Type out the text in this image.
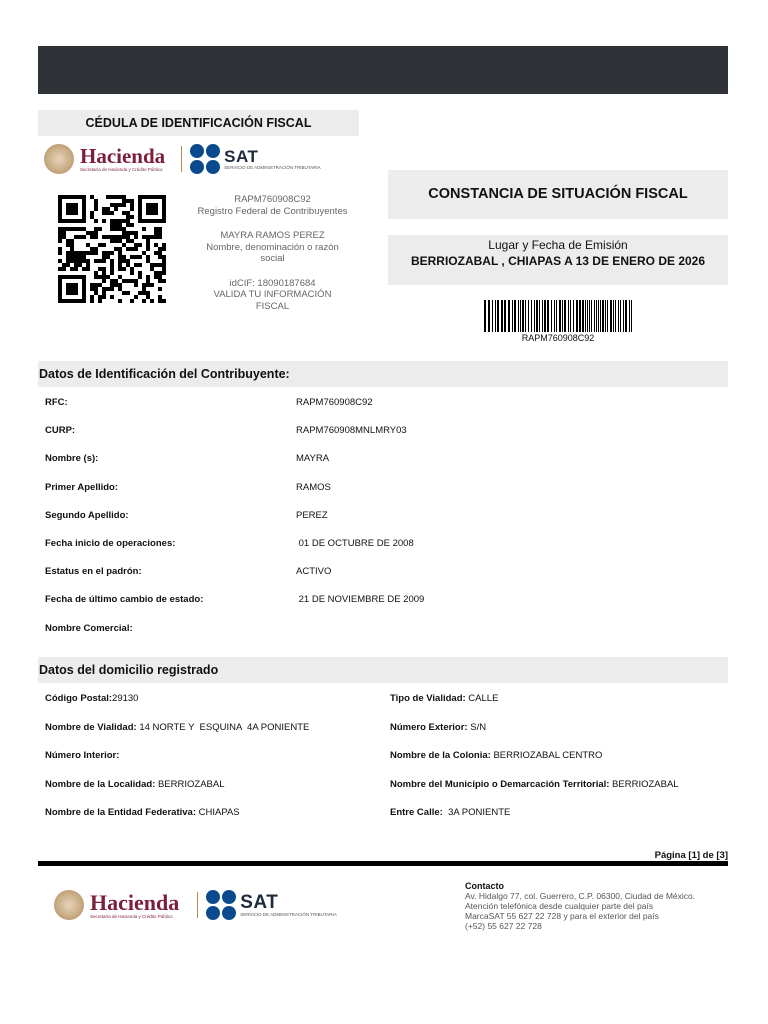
CÉDULA DE IDENTIFICACIÓN FISCAL
Hacienda
Secretaría de Hacienda y Crédito Público
SAT
SERVICIO DE ADMINISTRACIÓN TRIBUTARIA
RAPM760908C92
Registro Federal de Contribuyentes
MAYRA RAMOS PEREZ
Nombre, denominación o razón
social
idCIF: 18090187684
VALIDA TU INFORMACIÓN
FISCAL
CONSTANCIA DE SITUACIÓN FISCAL
Lugar y Fecha de Emisión
BERRIOZABAL , CHIAPAS A 13 DE ENERO DE 2026
RAPM760908C92
Datos de Identificación del Contribuyente:
RFC:	RAPM760908C92
CURP:	RAPM760908MNLMRY03
Nombre (s):	MAYRA
Primer Apellido:	RAMOS
Segundo Apellido:	PEREZ
Fecha inicio de operaciones:	01 DE OCTUBRE DE 2008
Estatus en el padrón:	ACTIVO
Fecha de último cambio de estado:	21 DE NOVIEMBRE DE 2009
Nombre Comercial:
Datos del domicilio registrado
Código Postal:29130
Nombre de Vialidad: 14 NORTE Y  ESQUINA  4A PONIENTE
Número Interior:
Nombre de la Localidad: BERRIOZABAL
Nombre de la Entidad Federativa: CHIAPAS
Tipo de Vialidad: CALLE
Número Exterior: S/N
Nombre de la Colonia: BERRIOZABAL CENTRO
Nombre del Municipio o Demarcación Territorial: BERRIOZABAL
Entre Calle:  3A PONIENTE
Página [1] de [3]
Hacienda
Secretaría de Hacienda y Crédito Público
SAT
SERVICIO DE ADMINISTRACIÓN TRIBUTARIA
Contacto
Av. Hidalgo 77, col. Guerrero, C.P. 06300, Ciudad de México.
Atención telefónica desde cualquier parte del país
MarcaSAT 55 627 22 728 y para el exterior del país
(+52) 55 627 22 728
